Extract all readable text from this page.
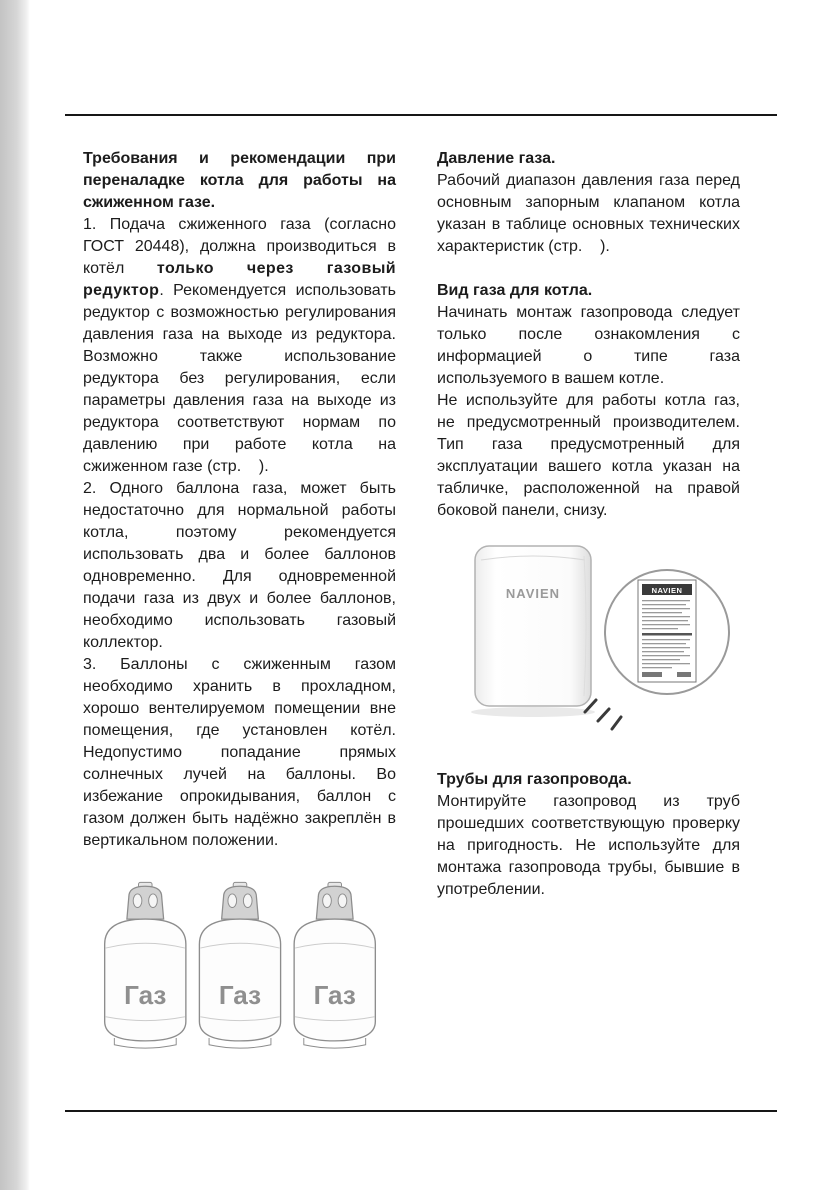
Требования и рекомендации при переналадке котла для работы на сжиженном газе.

1. Подача сжиженного газа (согласно ГОСТ 20448), должна производиться в котёл только через газовый редуктор. Рекомендуется использовать редуктор с возможностью регулирования давления газа на выходе из редуктора. Возможно также использование редуктора без регулирования, если параметры давления газа на выходе из редуктора соответствуют нормам по давлению при работе котла на сжиженном газе (стр.    ).

2. Одного баллона газа, может быть недостаточно для нормальной работы котла, поэтому рекомендуется использовать два и более баллонов одновременно. Для одновременной подачи газа из двух и более баллонов, необходимо использовать газовый коллектор.

3. Баллоны с сжиженным газом необходимо хранить в прохладном, хорошо вентелируемом помещении вне помещения, где установлен котёл. Недопустимо попадание прямых солнечных лучей на баллоны. Во избежание опрокидывания, баллон с газом должен быть надёжно закреплён в вертикальном положении.

Газ Газ Газ

Давление газа.

Рабочий диапазон давления газа перед основным запорным клапаном котла указан в таблице основных технических характеристик (стр.    ).

Вид газа для котла.

Начинать монтаж газопровода следует только после ознакомления с информацией о типе газа используемого в вашем котле.

Не используйте для работы котла газ, не предусмотренный производителем. Тип газа предусмотренный для эксплуатации вашего котла указан на табличке, расположенной на правой боковой панели, снизу.

NAVIEN	NAVIEN

Трубы для газопровода.

Монтируйте газопровод из труб прошедших соответствующую проверку на пригодность. Не используйте для монтажа газопровода трубы, бывшие в употреблении.
